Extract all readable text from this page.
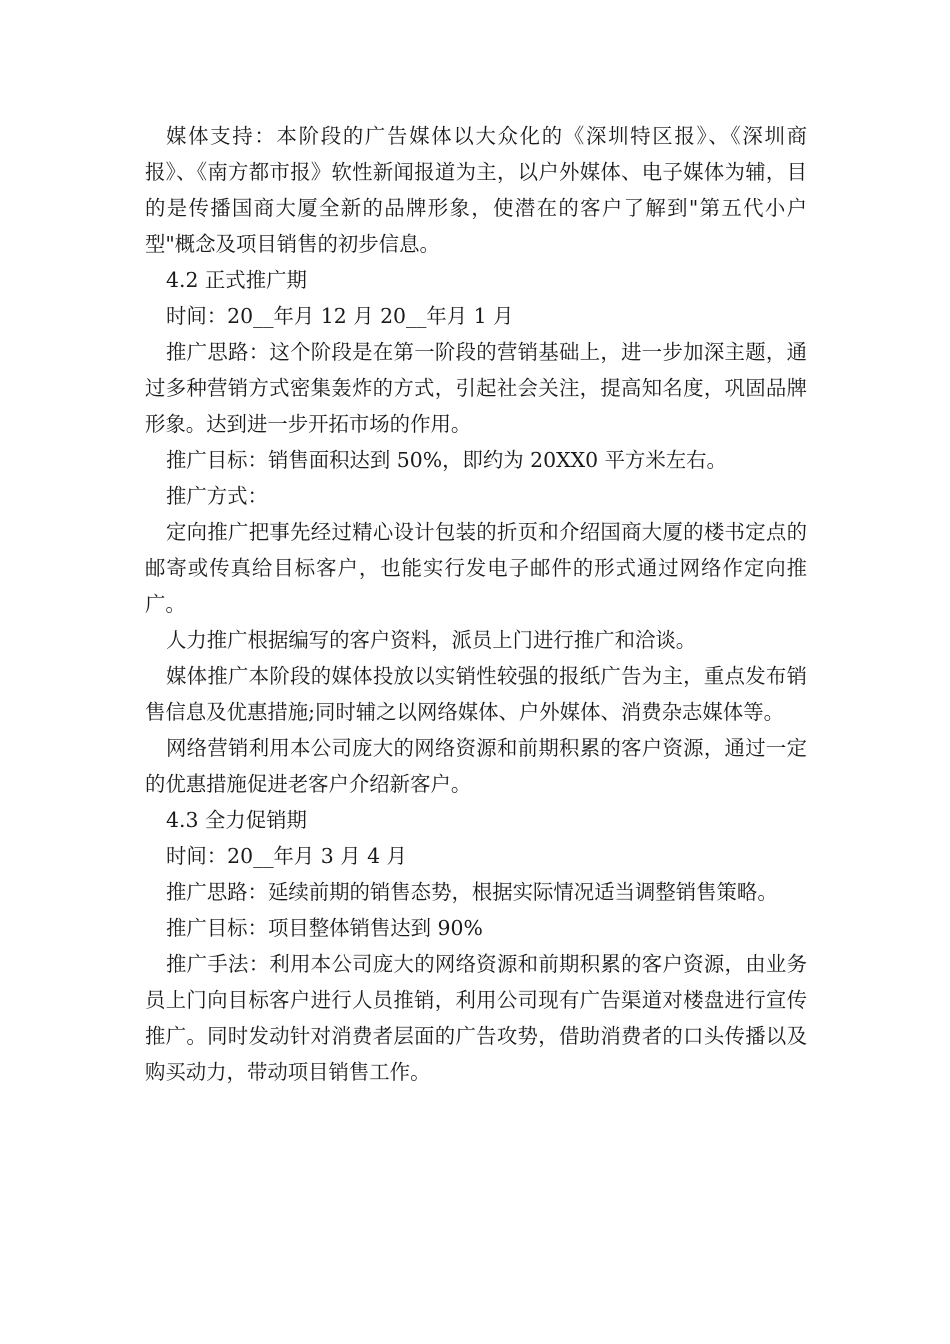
媒体支持：本阶段的广告媒体以大众化的《深圳特区报》、《深圳商报》、《南方都市报》软性新闻报道为主，以户外媒体、电子媒体为辅，目的是传播国商大厦全新的品牌形象，使潜在的客户了解到"第五代小户型"概念及项目销售的初步信息。

4.2 正式推广期

时间：20__年月 12 月 20__年月 1 月

推广思路：这个阶段是在第一阶段的营销基础上，进一步加深主题，通过多种营销方式密集轰炸的方式，引起社会关注，提高知名度，巩固品牌形象。达到进一步开拓市场的作用。

推广目标：销售面积达到 50%，即约为 20XX0 平方米左右。

推广方式：

定向推广把事先经过精心设计包装的折页和介绍国商大厦的楼书定点的邮寄或传真给目标客户，也能实行发电子邮件的形式通过网络作定向推广。

人力推广根据编写的客户资料，派员上门进行推广和洽谈。

媒体推广本阶段的媒体投放以实销性较强的报纸广告为主，重点发布销售信息及优惠措施;同时辅之以网络媒体、户外媒体、消费杂志媒体等。

网络营销利用本公司庞大的网络资源和前期积累的客户资源，通过一定的优惠措施促进老客户介绍新客户。

4.3 全力促销期

时间：20__年月 3 月 4 月

推广思路：延续前期的销售态势，根据实际情况适当调整销售策略。

推广目标：项目整体销售达到 90%

推广手法：利用本公司庞大的网络资源和前期积累的客户资源，由业务员上门向目标客户进行人员推销，利用公司现有广告渠道对楼盘进行宣传推广。同时发动针对消费者层面的广告攻势，借助消费者的口头传播以及购买动力，带动项目销售工作。
